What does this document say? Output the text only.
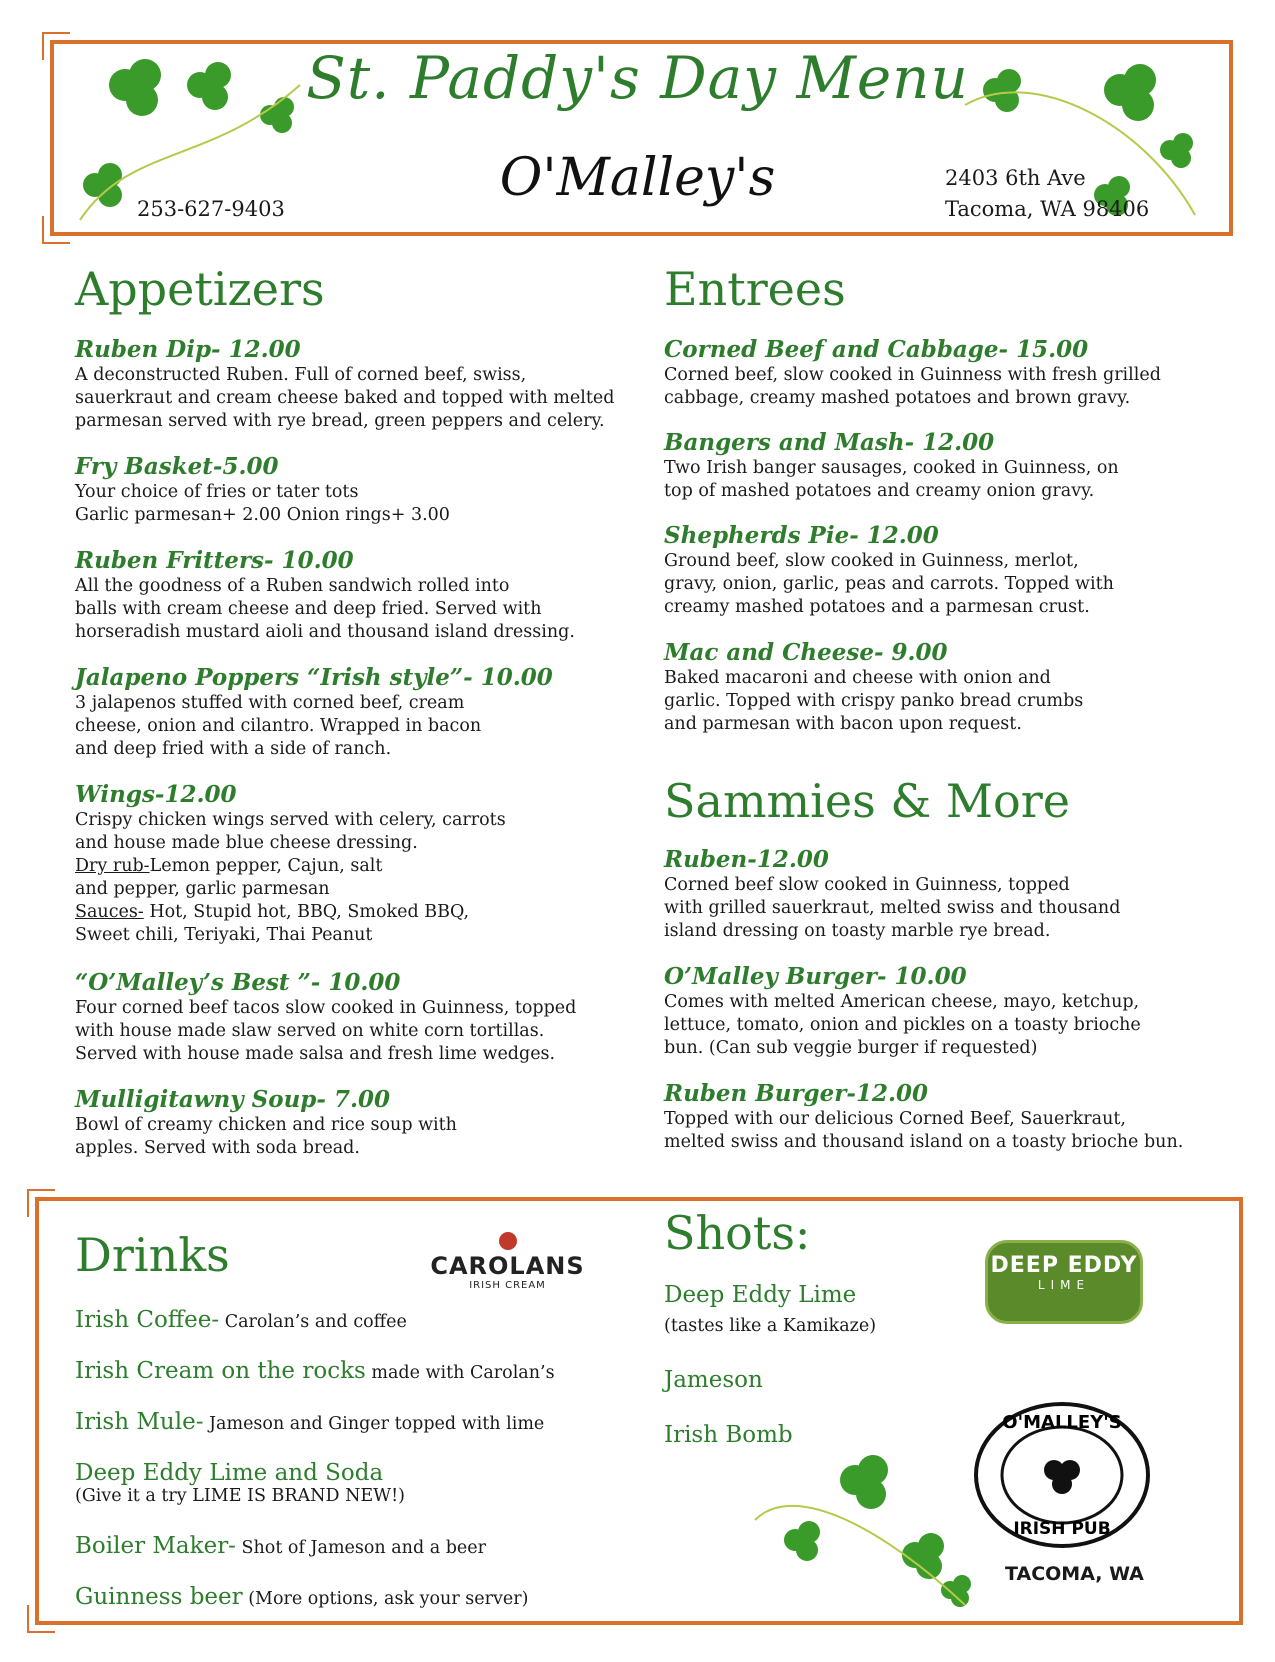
St. Paddy's Day Menu
O'Malley's
253-627-9403
2403 6th Ave
Tacoma, WA 98406
Appetizers
Ruben Dip- 12.00
A deconstructed Ruben. Full of corned beef, swiss,
sauerkraut and cream cheese baked and topped with melted
parmesan served with rye bread, green peppers and celery.
Fry Basket-5.00
Your choice of fries or tater tots
Garlic parmesan+ 2.00 Onion rings+ 3.00
Ruben Fritters- 10.00
All the goodness of a Ruben sandwich rolled into
balls with cream cheese and deep fried. Served with
horseradish mustard aioli and thousand island dressing.
Jalapeno Poppers “Irish style”- 10.00
3 jalapenos stuffed with corned beef, cream
cheese, onion and cilantro. Wrapped in bacon
and deep fried with a side of ranch.
Wings-12.00
Crispy chicken wings served with celery, carrots
and house made blue cheese dressing.
Dry rub-Lemon pepper, Cajun, salt
and pepper, garlic parmesan
Sauces- Hot, Stupid hot, BBQ, Smoked BBQ,
Sweet chili, Teriyaki, Thai Peanut
“O’Malley’s Best ”- 10.00
Four corned beef tacos slow cooked in Guinness, topped
with house made slaw served on white corn tortillas.
Served with house made salsa and fresh lime wedges.
Mulligitawny Soup- 7.00
Bowl of creamy chicken and rice soup with
apples. Served with soda bread.
Entrees
Corned Beef and Cabbage- 15.00
Corned beef, slow cooked in Guinness with fresh grilled
cabbage, creamy mashed potatoes and brown gravy.
Bangers and Mash- 12.00
Two Irish banger sausages, cooked in Guinness, on
top of mashed potatoes and creamy onion gravy.
Shepherds Pie- 12.00
Ground beef, slow cooked in Guinness, merlot,
gravy, onion, garlic, peas and carrots. Topped with
creamy mashed potatoes and a parmesan crust.
Mac and Cheese- 9.00
Baked macaroni and cheese with onion and
garlic. Topped with crispy panko bread crumbs
and parmesan with bacon upon request.
Sammies & More
Ruben-12.00
Corned beef slow cooked in Guinness, topped
with grilled sauerkraut, melted swiss and thousand
island dressing on toasty marble rye bread.
O’Malley Burger- 10.00
Comes with melted American cheese, mayo, ketchup,
lettuce, tomato, onion and pickles on a toasty brioche
bun. (Can sub veggie burger if requested)
Ruben Burger-12.00
Topped with our delicious Corned Beef, Sauerkraut,
melted swiss and thousand island on a toasty brioche bun.
Drinks	CAROLANS
IRISH CREAM
Irish Coffee- Carolan’s and coffee
Irish Cream on the rocks made with Carolan’s
Irish Mule- Jameson and Ginger topped with lime
Deep Eddy Lime and Soda
(Give it a try LIME IS BRAND NEW!)
Boiler Maker- Shot of Jameson and a beer
Guinness beer (More options, ask your server)
Shots:
Deep Eddy Lime
(tastes like a Kamikaze)
Jameson
Irish Bomb
DEEP EDDY
LIME
O'MALLEY'S
IRISH PUB
TACOMA, WA
